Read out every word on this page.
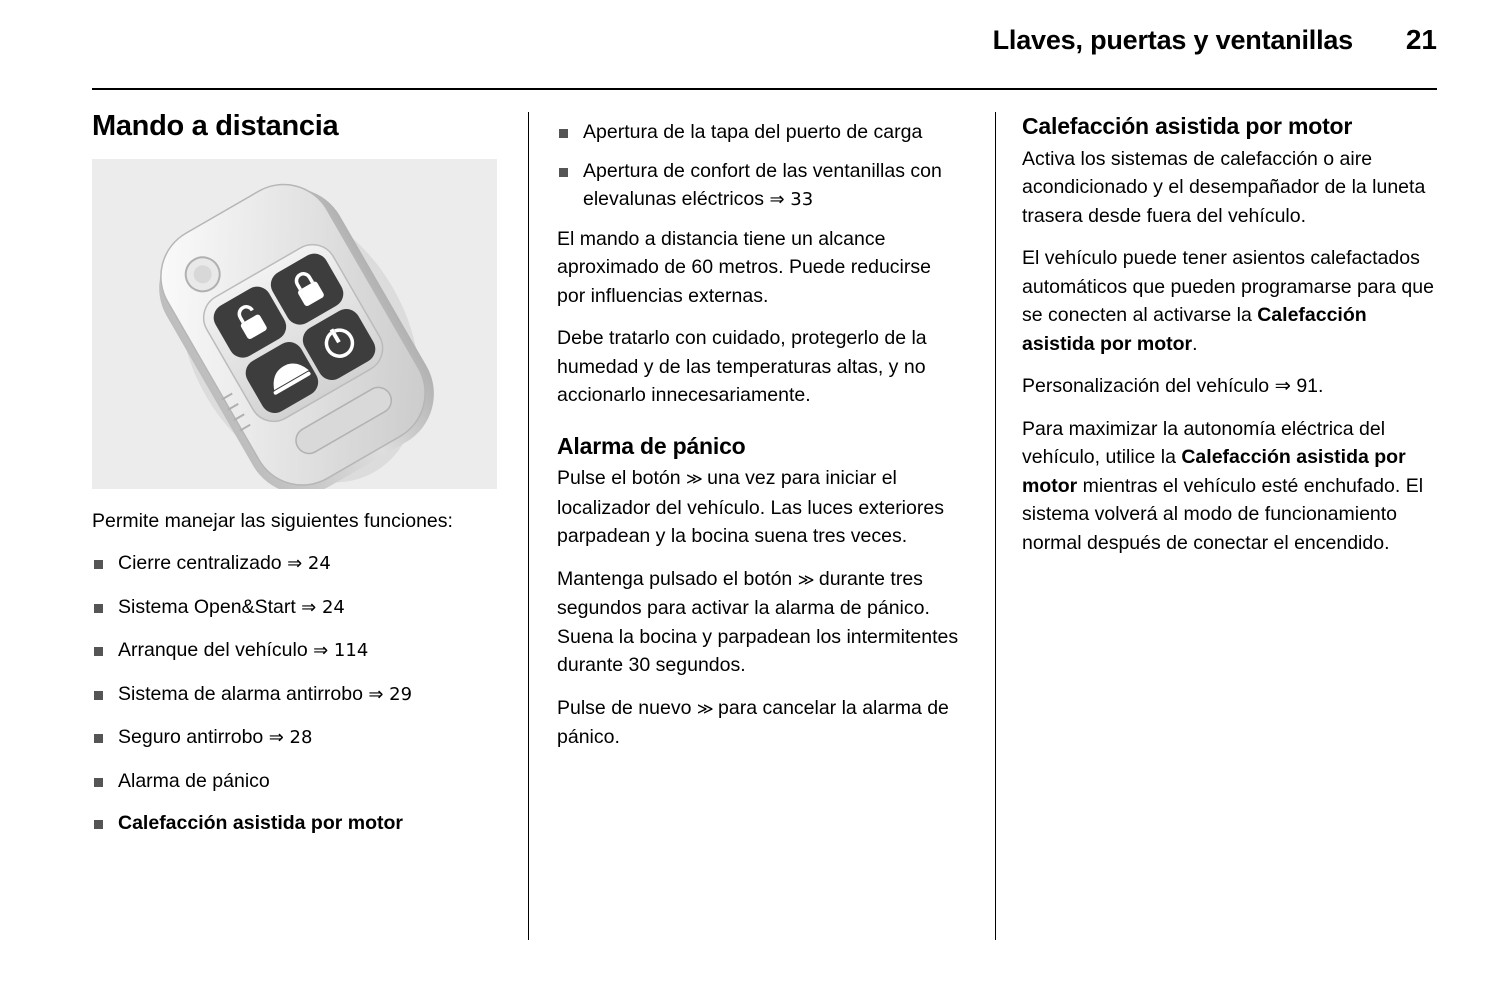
Llaves, puertas y ventanillas 21
Mando a distancia

Permite manejar las siguientes funciones:

Cierre centralizado ⇒ 24
Sistema Open&Start ⇒ 24
Arranque del vehículo ⇒ 114
Sistema de alarma antirrobo ⇒ 29
Seguro antirrobo ⇒ 28
Alarma de pánico
Calefacción asistida por motor
Apertura de la tapa del puerto de carga
Apertura de confort de las ventanillas con elevalunas eléctricos ⇒ 33

El mando a distancia tiene un alcance aproximado de 60 metros. Puede reducirse por influencias externas.

Debe tratarlo con cuidado, protegerlo de la humedad y de las temperaturas altas, y no accionarlo innecesariamente.

Alarma de pánico

Pulse el botón ≫ una vez para iniciar el localizador del vehículo. Las luces exteriores parpadean y la bocina suena tres veces.

Mantenga pulsado el botón ≫ durante tres segundos para activar la alarma de pánico. Suena la bocina y parpadean los intermitentes durante 30 segundos.

Pulse de nuevo ≫ para cancelar la alarma de pánico.

Calefacción asistida por motor

Activa los sistemas de calefacción o aire acondicionado y el desempañador de la luneta trasera desde fuera del vehículo.

El vehículo puede tener asientos calefactados automáticos que pueden programarse para que se conecten al activarse la Calefacción asistida por motor.

Personalización del vehículo ⇒ 91.

Para maximizar la autonomía eléctrica del vehículo, utilice la Calefacción asistida por motor mientras el vehículo esté enchufado. El sistema volverá al modo de funcionamiento normal después de conectar el encendido.
